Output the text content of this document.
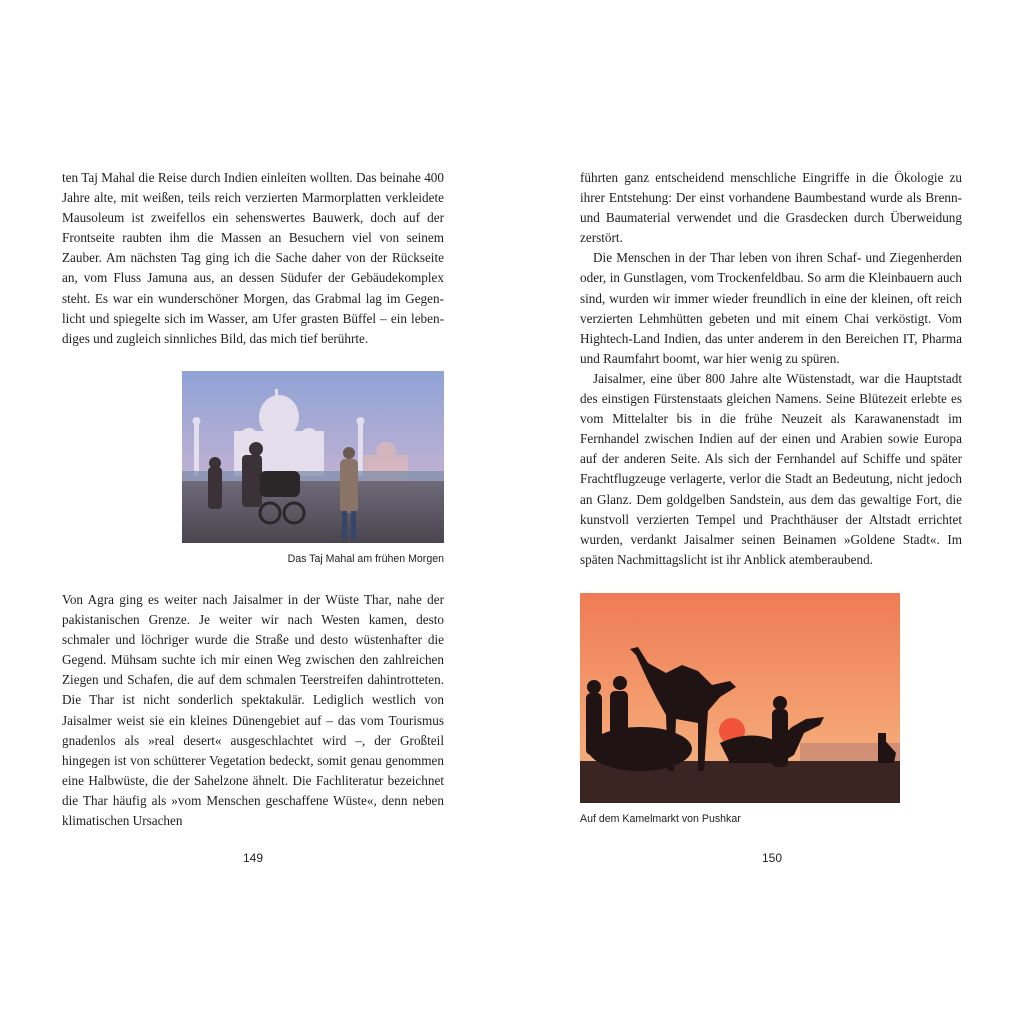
ten Taj Mahal die Reise durch Indien einleiten wollten. Das beinahe 400 Jahre alte, mit weißen, teils reich verzierten Marmorplatten verkleidete Mausoleum ist zweifellos ein sehenswertes Bauwerk, doch auf der Frontseite raubten ihm die Massen an Besuchern viel von seinem Zauber. Am nächsten Tag ging ich die Sache daher von der Rückseite an, vom Fluss Jamuna aus, an dessen Südufer der Gebäudekomplex steht. Es war ein wunderschöner Morgen, das Grabmal lag im Gegenlicht und spiegelte sich im Wasser, am Ufer grasten Büffel – ein lebendiges und zugleich sinnliches Bild, das mich tief berührte.

Das Taj Mahal am frühen Morgen

Von Agra ging es weiter nach Jaisalmer in der Wüste Thar, nahe der pakistanischen Grenze. Je weiter wir nach Westen kamen, desto schmaler und löchriger wurde die Straße und desto wüstenhafter die Gegend. Mühsam suchte ich mir einen Weg zwischen den zahlreichen Ziegen und Schafen, die auf dem schmalen Teerstreifen dahintrotteten. Die Thar ist nicht sonderlich spektakulär. Lediglich westlich von Jaisalmer weist sie ein kleines Dünengebiet auf – das vom Tourismus gnadenlos als »real desert« ausgeschlachtet wird –, der Großteil hingegen ist von schütterer Vegetation bedeckt, somit genau genommen eine Halbwüste, die der Sahelzone ähnelt. Die Fachliteratur bezeichnet die Thar häufig als »vom Menschen geschaffene Wüste«, denn neben klimatischen Ursachen

149

führten ganz entscheidend menschliche Eingriffe in die Ökologie zu ihrer Entstehung: Der einst vorhandene Baumbestand wurde als Brenn- und Baumaterial verwendet und die Grasdecken durch Überweidung zerstört.

Die Menschen in der Thar leben von ihren Schaf- und Ziegenherden oder, in Gunstlagen, vom Trockenfeldbau. So arm die Kleinbauern auch sind, wurden wir immer wieder freundlich in eine der kleinen, oft reich verzierten Lehmhütten gebeten und mit einem Chai verköstigt. Vom Hightech-Land Indien, das unter anderem in den Bereichen IT, Pharma und Raumfahrt boomt, war hier wenig zu spüren.

Jaisalmer, eine über 800 Jahre alte Wüstenstadt, war die Hauptstadt des einstigen Fürstenstaats gleichen Namens. Seine Blütezeit erlebte es vom Mittelalter bis in die frühe Neuzeit als Karawanenstadt im Fernhandel zwischen Indien auf der einen und Arabien sowie Europa auf der anderen Seite. Als sich der Fernhandel auf Schiffe und später Frachtflugzeuge verlagerte, verlor die Stadt an Bedeutung, nicht jedoch an Glanz. Dem goldgelben Sandstein, aus dem das gewaltige Fort, die kunstvoll verzierten Tempel und Prachthäuser der Altstadt errichtet wurden, verdankt Jaisalmer seinen Beinamen »Goldene Stadt«. Im späten Nachmittagslicht ist ihr Anblick atemberaubend.

Auf dem Kamelmarkt von Pushkar

150
